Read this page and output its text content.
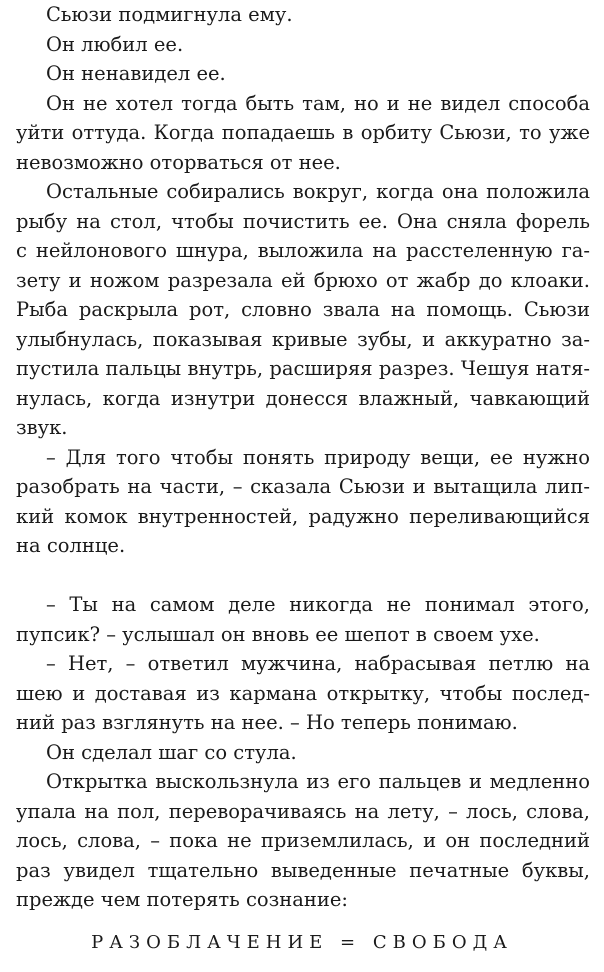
Сьюзи подмигнула ему.
Он любил ее.
Он ненавидел ее.
Он не хотел тогда быть там, но и не видел способа
уйти оттуда. Когда попадаешь в орбиту Сьюзи, то уже
невозможно оторваться от нее.
Остальные собирались вокруг, когда она положила
рыбу на стол, чтобы почистить ее. Она сняла форель
с нейлонового шнура, выложила на расстеленную га-
зету и ножом разрезала ей брюхо от жабр до клоаки.
Рыба раскрыла рот, словно звала на помощь. Сьюзи
улыбнулась, показывая кривые зубы, и аккуратно за-
пустила пальцы внутрь, расширяя разрез. Чешуя натя-
нулась, когда изнутри донесся влажный, чавкающий
звук.
– Для того чтобы понять природу вещи, ее нужно
разобрать на части, – сказала Сьюзи и вытащила лип-
кий комок внутренностей, радужно переливающийся
на солнце.
– Ты на самом деле никогда не понимал этого,
пупсик? – услышал он вновь ее шепот в своем ухе.
– Нет, – ответил мужчина, набрасывая петлю на
шею и доставая из кармана открытку, чтобы послед-
ний раз взглянуть на нее. – Но теперь понимаю.
Он сделал шаг со стула.
Открытка выскользнула из его пальцев и медленно
упала на пол, переворачиваясь на лету, – лось, слова,
лось, слова, – пока не приземлилась, и он последний
раз увидел тщательно выведенные печатные буквы,
прежде чем потерять сознание:
РАЗОБЛАЧЕНИЕ = СВОБОДА
